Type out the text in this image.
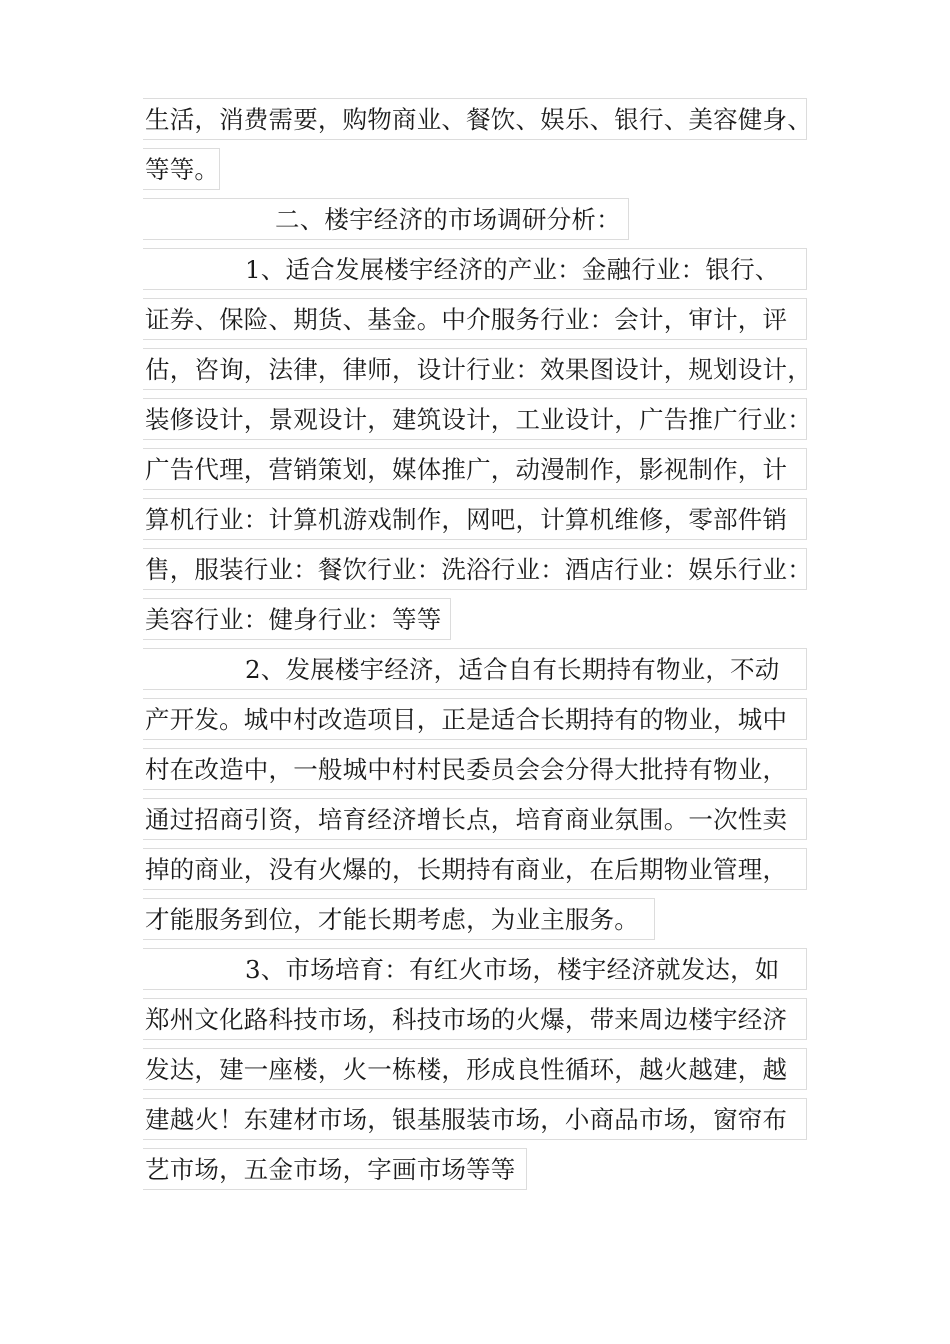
生活，消费需要，购物商业、餐饮、娱乐、银行、美容健身、
等等。
二、楼宇经济的市场调研分析：
1、适合发展楼宇经济的产业：金融行业：银行、
证券、保险、期货、基金。中介服务行业：会计，审计，评
估，咨询，法律，律师，设计行业：效果图设计，规划设计，
装修设计，景观设计，建筑设计，工业设计，广告推广行业：
广告代理，营销策划，媒体推广，动漫制作，影视制作，计
算机行业：计算机游戏制作，网吧，计算机维修，零部件销
售，服装行业：餐饮行业：洗浴行业：酒店行业：娱乐行业：
美容行业：健身行业：等等
2、发展楼宇经济，适合自有长期持有物业，不动
产开发。城中村改造项目，正是适合长期持有的物业，城中
村在改造中，一般城中村村民委员会会分得大批持有物业，
通过招商引资，培育经济增长点，培育商业氛围。一次性卖
掉的商业，没有火爆的，长期持有商业，在后期物业管理，
才能服务到位，才能长期考虑，为业主服务。
3、市场培育：有红火市场，楼宇经济就发达，如
郑州文化路科技市场，科技市场的火爆，带来周边楼宇经济
发达，建一座楼，火一栋楼，形成良性循环，越火越建，越
建越火！东建材市场，银基服装市场，小商品市场，窗帘布
艺市场，五金市场，字画市场等等
